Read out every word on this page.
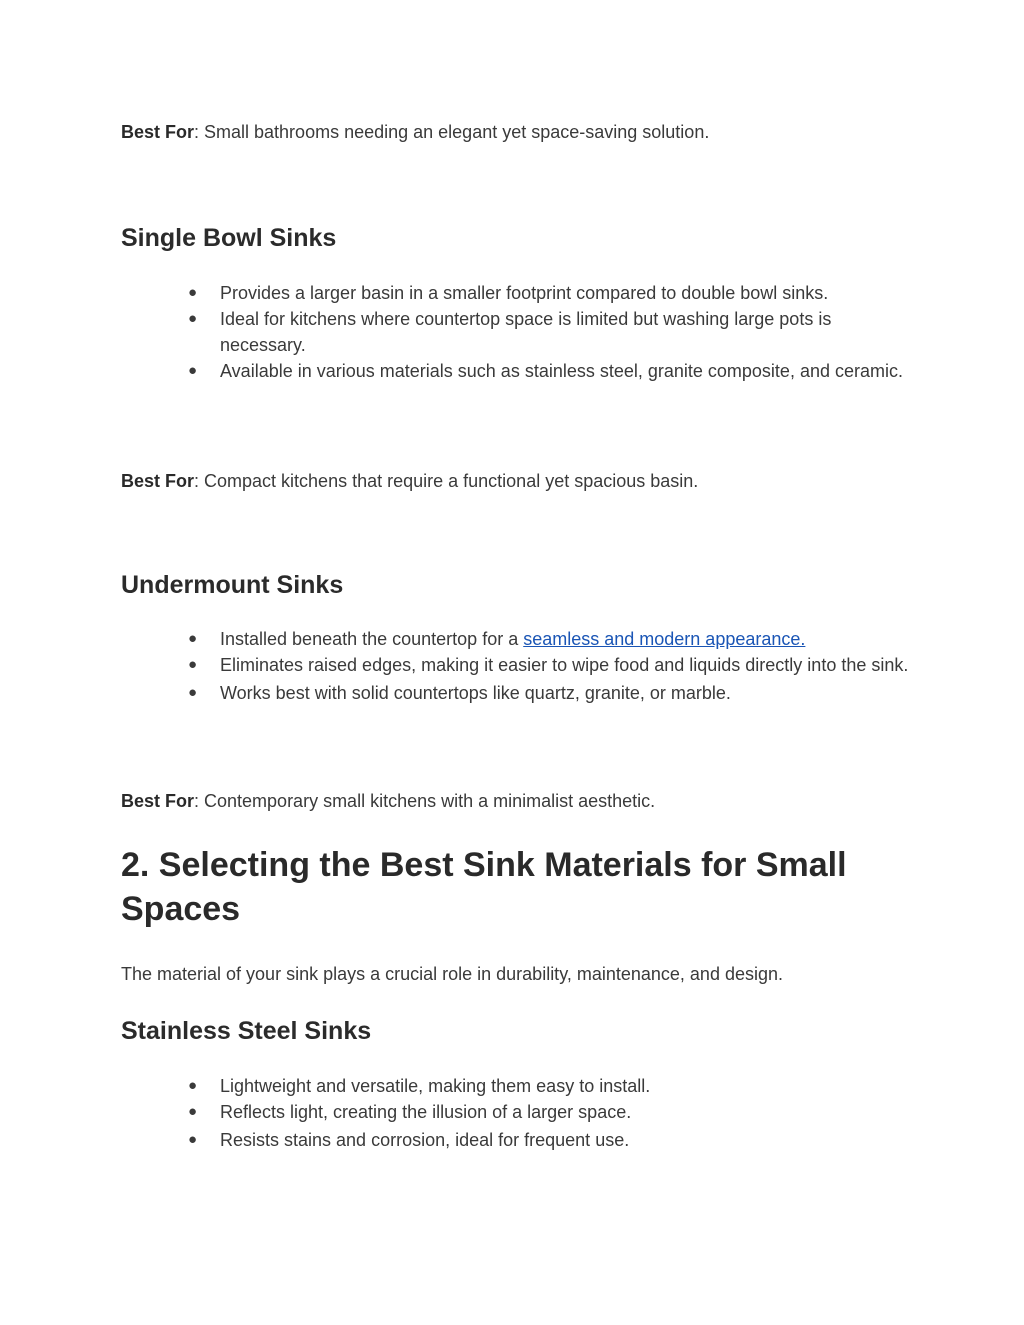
Best For: Small bathrooms needing an elegant yet space-saving solution.

Single Bowl Sinks
● Provides a larger basin in a smaller footprint compared to double bowl sinks.
● Ideal for kitchens where countertop space is limited but washing large pots is necessary.
● Available in various materials such as stainless steel, granite composite, and ceramic.

Best For: Compact kitchens that require a functional yet spacious basin.

Undermount Sinks
● Installed beneath the countertop for a seamless and modern appearance.
● Eliminates raised edges, making it easier to wipe food and liquids directly into the sink.
● Works best with solid countertops like quartz, granite, or marble.

Best For: Contemporary small kitchens with a minimalist aesthetic.

2. Selecting the Best Sink Materials for Small Spaces

The material of your sink plays a crucial role in durability, maintenance, and design.

Stainless Steel Sinks
● Lightweight and versatile, making them easy to install.
● Reflects light, creating the illusion of a larger space.
● Resists stains and corrosion, ideal for frequent use.
